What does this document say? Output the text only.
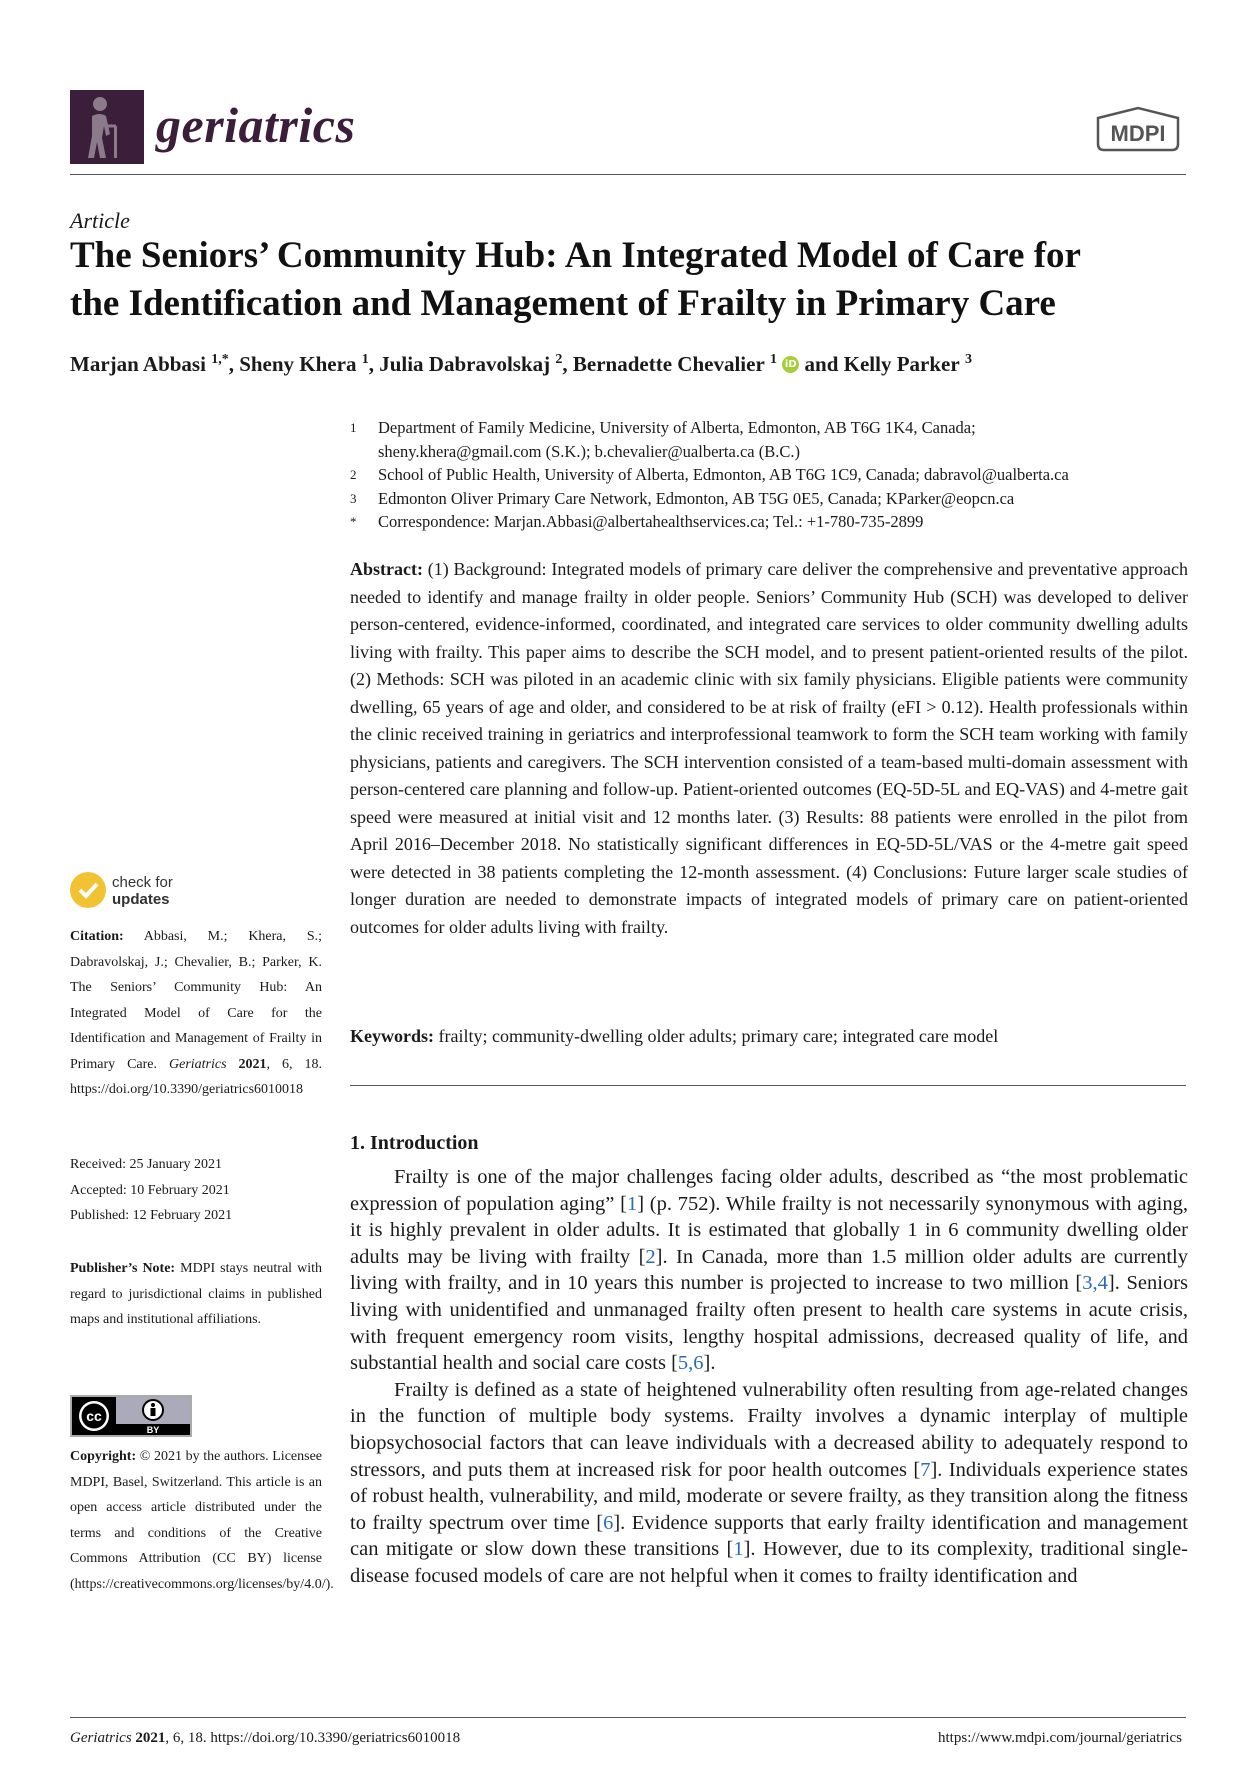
geriatrics	MDPI
Article
The Seniors’ Community Hub: An Integrated Model of Care for
the Identification and Management of Frailty in Primary Care
Marjan Abbasi $^{1,*}$, Sheny Khera $^1$, Julia Dabravolskaj $^2$, Bernadette Chevalier $^1$ iD and Kelly Parker $^3$
1	Department of Family Medicine, University of Alberta, Edmonton, AB T6G 1K4, Canada;
sheny.khera@gmail.com (S.K.); b.chevalier@ualberta.ca (B.C.)
2	School of Public Health, University of Alberta, Edmonton, AB T6G 1C9, Canada; dabravol@ualberta.ca
3	Edmonton Oliver Primary Care Network, Edmonton, AB T5G 0E5, Canada; KParker@eopcn.ca
*	Correspondence: Marjan.Abbasi@albertahealthservices.ca; Tel.: +1-780-735-2899
Abstract: (1) Background: Integrated models of primary care deliver the comprehensive and preventative approach needed to identify and manage frailty in older people. Seniors’ Community Hub (SCH) was developed to deliver person-centered, evidence-informed, coordinated, and integrated care services to older community dwelling adults living with frailty. This paper aims to describe the SCH model, and to present patient-oriented results of the pilot. (2) Methods: SCH was piloted in an academic clinic with six family physicians. Eligible patients were community dwelling, 65 years of age and older, and considered to be at risk of frailty (eFI > 0.12). Health professionals within the clinic received training in geriatrics and interprofessional teamwork to form the SCH team working with family physicians, patients and caregivers. The SCH intervention consisted of a team-based multi-domain assessment with person-centered care planning and follow-up. Patient-oriented outcomes (EQ-5D-5L and EQ-VAS) and 4-metre gait speed were measured at initial visit and 12 months later. (3) Results: 88 patients were enrolled in the pilot from April 2016–December 2018. No statistically significant differences in EQ-5D-5L/VAS or the 4-metre gait speed were detected in 38 patients completing the 12-month assessment. (4) Conclusions: Future larger scale studies of longer duration are needed to demonstrate impacts of integrated models of primary care on patient-oriented outcomes for older adults living with frailty.
Keywords: frailty; community-dwelling older adults; primary care; integrated care model
1. Introduction

Frailty is one of the major challenges facing older adults, described as “the most problematic expression of population aging” [1] (p. 752). While frailty is not necessarily synonymous with aging, it is highly prevalent in older adults. It is estimated that globally 1 in 6 community dwelling older adults may be living with frailty [2]. In Canada, more than 1.5 million older adults are currently living with frailty, and in 10 years this number is projected to increase to two million [3,4]. Seniors living with unidentified and unmanaged frailty often present to health care systems in acute crisis, with frequent emergency room visits, lengthy hospital admissions, decreased quality of life, and substantial health and social care costs [5,6].

Frailty is defined as a state of heightened vulnerability often resulting from age-related changes in the function of multiple body systems. Frailty involves a dynamic interplay of multiple biopsychosocial factors that can leave individuals with a decreased ability to adequately respond to stressors, and puts them at increased risk for poor health outcomes [7]. Individuals experience states of robust health, vulnerability, and mild, moderate or severe frailty, as they transition along the fitness to frailty spectrum over time [6]. Evidence supports that early frailty identification and management can mitigate or slow down these transitions [1]. However, due to its complexity, traditional single-disease focused models of care are not helpful when it comes to frailty identification and

check for
updates
Citation: Abbasi, M.; Khera, S.; Dabravolskaj, J.; Chevalier, B.; Parker, K. The Seniors’ Community Hub: An Integrated Model of Care for the Identification and Management of Frailty in Primary Care. Geriatrics 2021, 6, 18. https://doi.org/10.3390/geriatrics6010018
Received: 25 January 2021
Accepted: 10 February 2021
Published: 12 February 2021
Publisher’s Note: MDPI stays neutral with regard to jurisdictional claims in published maps and institutional affiliations.
cc
BY
Copyright: © 2021 by the authors. Licensee MDPI, Basel, Switzerland. This article is an open access article distributed under the terms and conditions of the Creative Commons Attribution (CC BY) license (https://creativecommons.org/licenses/by/4.0/).
Geriatrics 2021, 6, 18. https://doi.org/10.3390/geriatrics6010018	https://www.mdpi.com/journal/geriatrics
